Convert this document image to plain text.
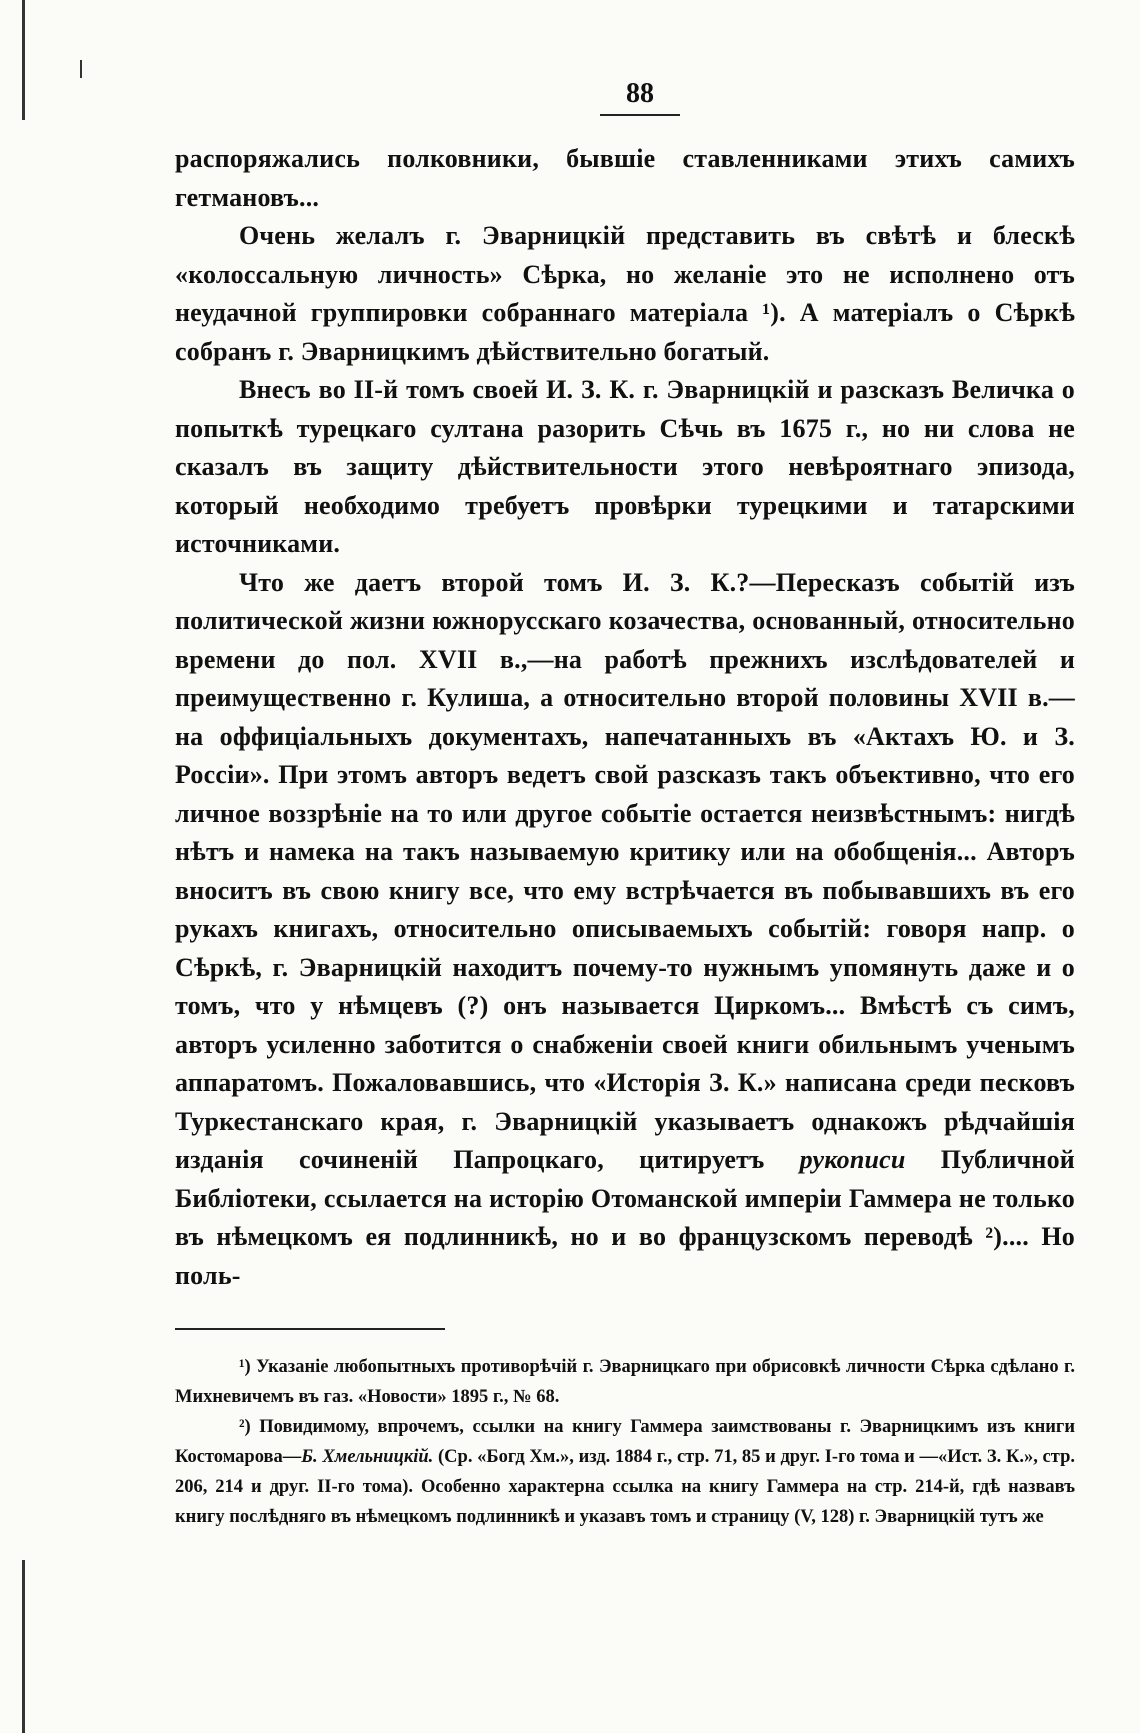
88

распоряжались полковники, бывшіе ставленниками этихъ самихъ гетмановъ...

Очень желалъ г. Эварницкій представить въ свѣтѣ и блескѣ «колоссальную личность» Сѣрка, но желаніе это не исполнено отъ неудачной группировки собраннаго матеріала ¹). А матеріалъ о Сѣркѣ собранъ г. Эварницкимъ дѣйствительно богатый.

Внесъ во II-й томъ своей И. З. К. г. Эварницкій и разсказъ Величка о попыткѣ турецкаго султана разорить Сѣчь въ 1675 г., но ни слова не сказалъ въ защиту дѣйствительности этого невѣроятнаго эпизода, который необходимо требуетъ провѣрки турецкими и татарскими источниками.

Что же даетъ второй томъ И. З. К.?—Пересказъ событій изъ политической жизни южнорусскаго козачества, основанный, относительно времени до пол. XVII в.,—на работѣ прежнихъ изслѣдователей и преимущественно г. Кулиша, а относительно второй половины XVII в.—на оффиціальныхъ документахъ, напечатанныхъ въ «Актахъ Ю. и З. Россіи». При этомъ авторъ ведетъ свой разсказъ такъ объективно, что его личное воззрѣніе на то или другое событіе остается неизвѣстнымъ: нигдѣ нѣтъ и намека на такъ называемую критику или на обобщенія... Авторъ вноситъ въ свою книгу все, что ему встрѣчается въ побывавшихъ въ его рукахъ книгахъ, относительно описываемыхъ событій: говоря напр. о Сѣркѣ, г. Эварницкій находитъ почему-то нужнымъ упомянуть даже и о томъ, что у нѣмцевъ (?) онъ называется Циркомъ... Вмѣстѣ съ симъ, авторъ усиленно заботится о снабженіи своей книги обильнымъ ученымъ аппаратомъ. Пожаловавшись, что «Исторія З. К.» написана среди песковъ Туркестанскаго края, г. Эварницкій указываетъ однакожъ рѣдчайшія изданія сочиненій Папроцкаго, цитируетъ рукописи Публичной Библіотеки, ссылается на исторію Отоманской имперіи Гаммера не только въ нѣмецкомъ ея подлинникѣ, но и во французскомъ переводѣ ²).... Но поль-

¹) Указаніе любопытныхъ противорѣчій г. Эварницкаго при обрисовкѣ личности Сѣрка сдѣлано г. Михневичемъ въ газ. «Новости» 1895 г., № 68.

²) Повидимому, впрочемъ, ссылки на книгу Гаммера заимствованы г. Эварницкимъ изъ книги Костомарова—Б. Хмельницкій. (Ср. «Богд Хм.», изд. 1884 г., стр. 71, 85 и друг. I-го тома и —«Ист. З. К.», стр. 206, 214 и друг. II-го тома). Особенно характерна ссылка на книгу Гаммера на стр. 214-й, гдѣ назвавъ книгу послѣдняго въ нѣмецкомъ подлинникѣ и указавъ томъ и страницу (V, 128) г. Эварницкій тутъ же
